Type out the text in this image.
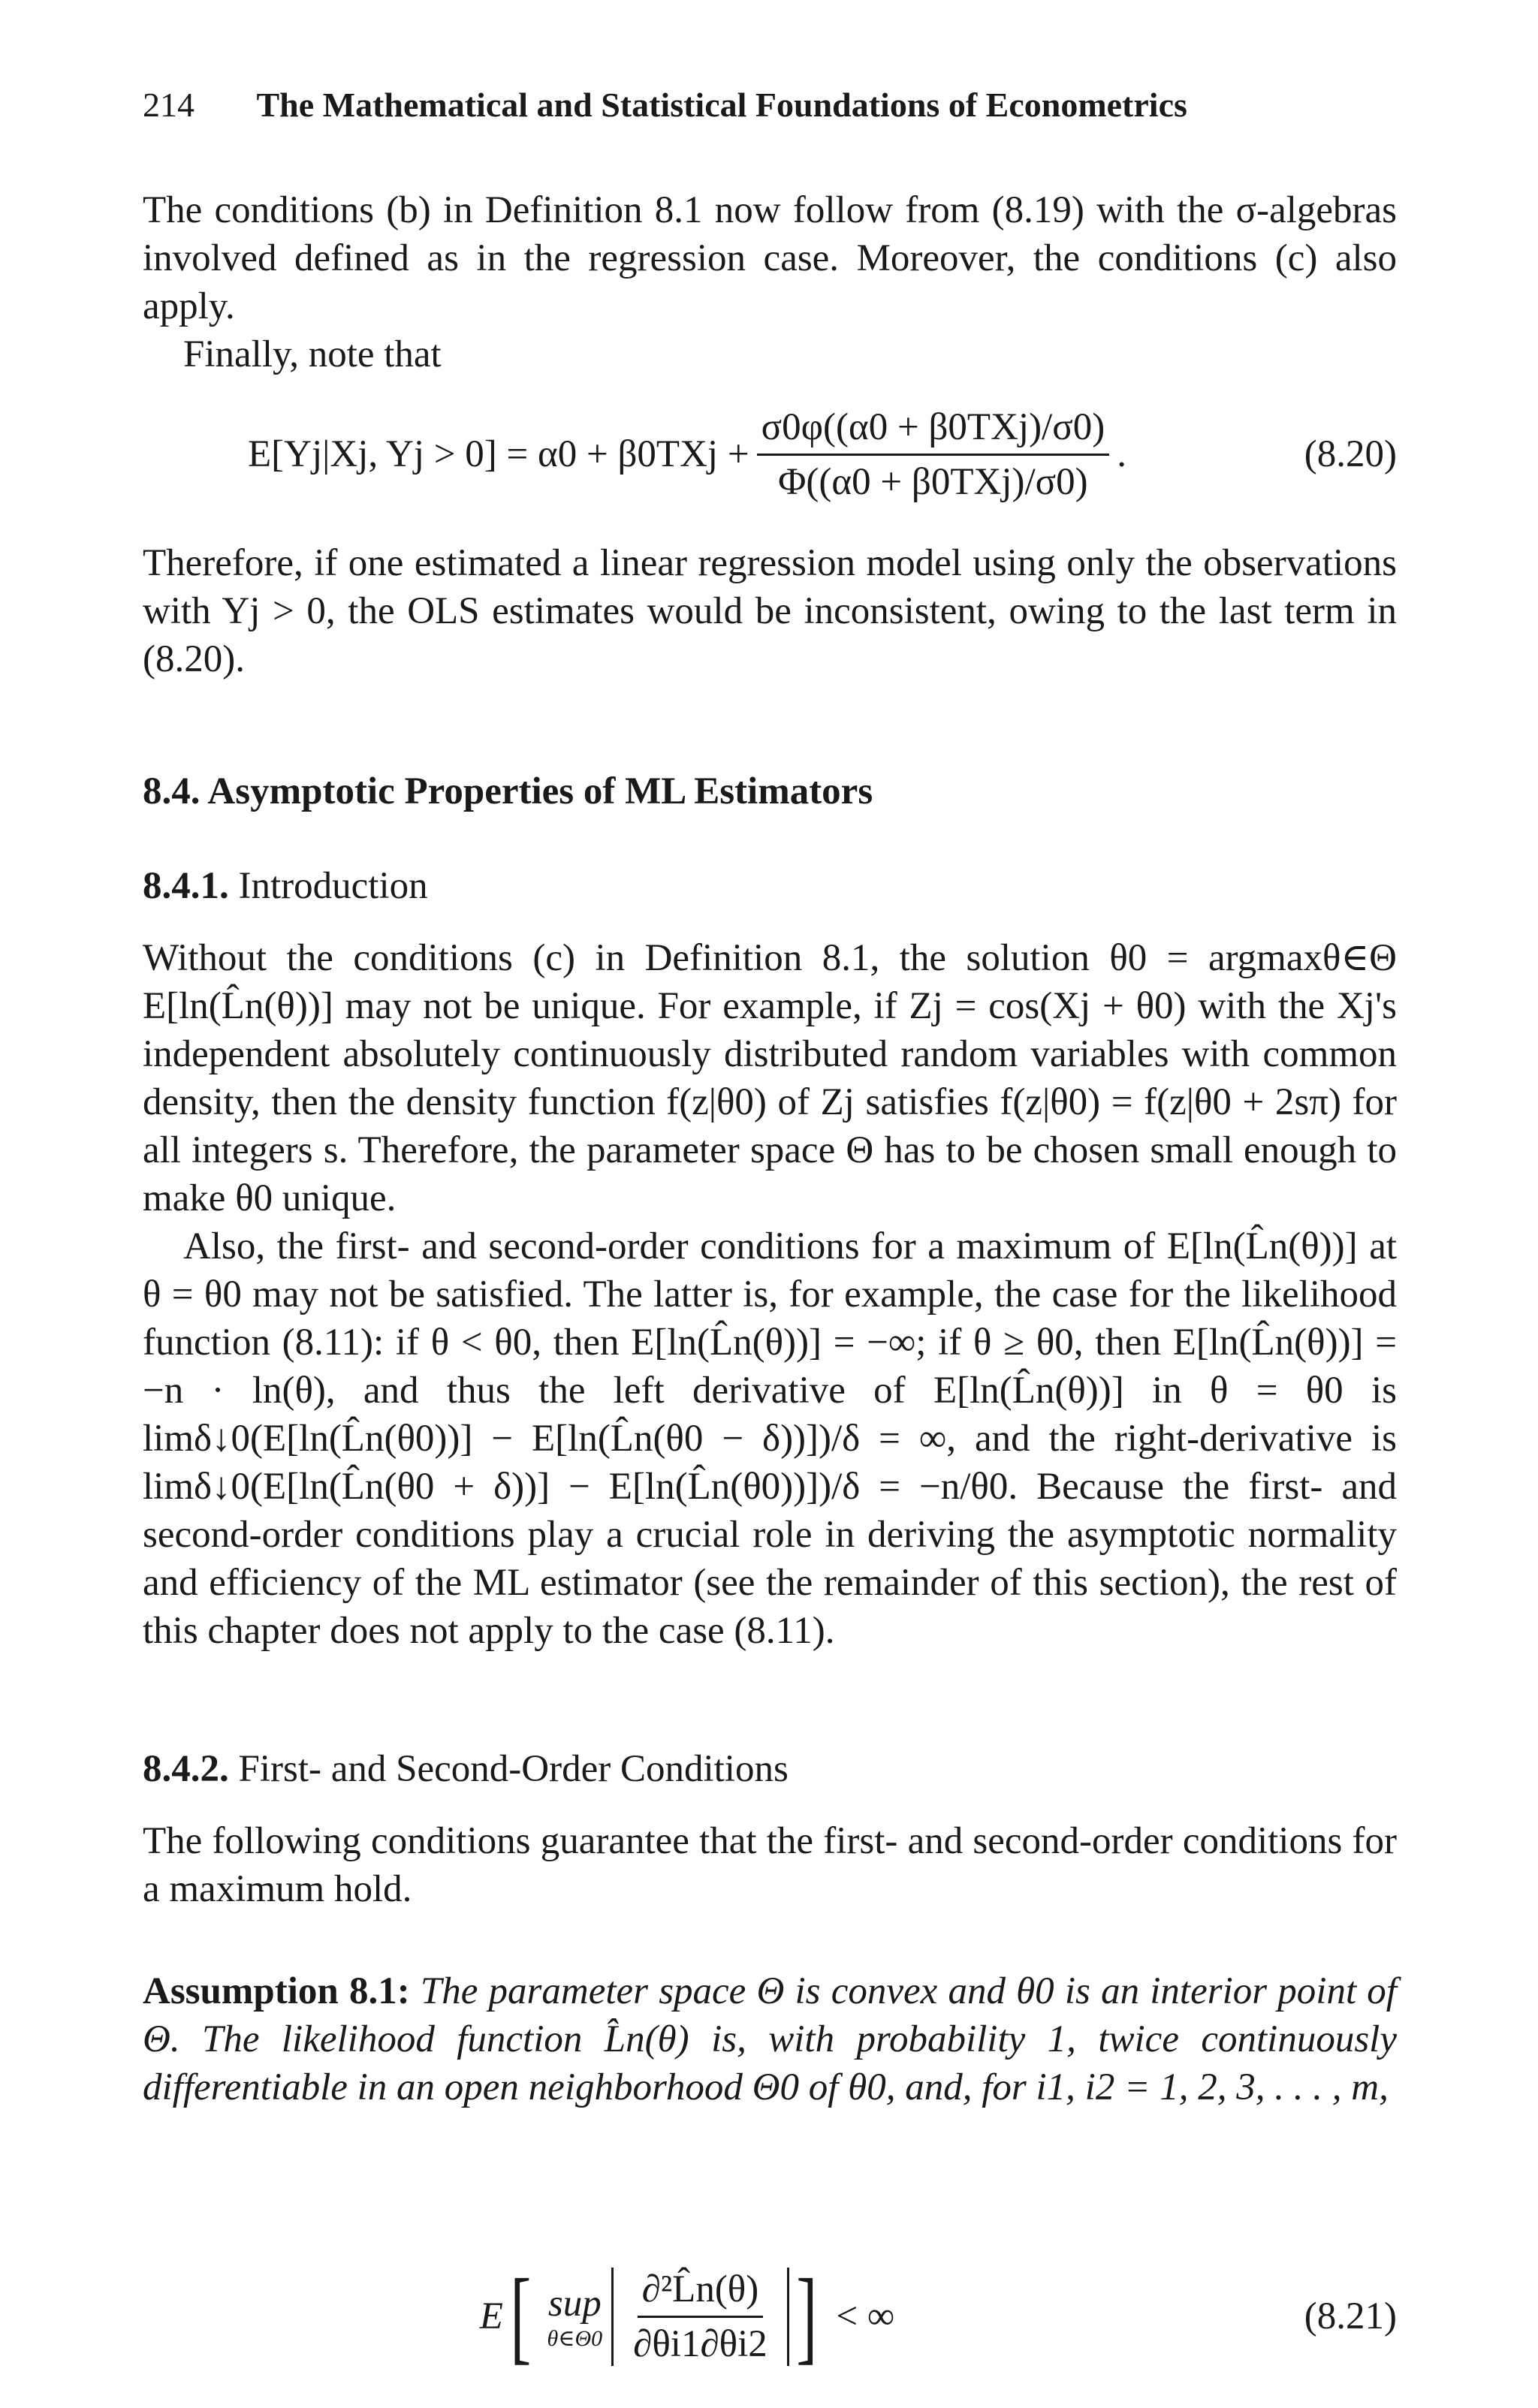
214 The Mathematical and Statistical Foundations of Econometrics

The conditions (b) in Definition 8.1 now follow from (8.19) with the σ-algebras involved defined as in the regression case. Moreover, the conditions (c) also apply.

Finally, note that

E[Yj|Xj, $Yj > 0] = \alpha 0 + \beta 0TXj + \frac{\text{σ0φ((α0 + β0TXj)/σ0)}}{\text{Φ((α0 + β0TXj)/σ0)}}$ .	(8.20)

Therefore, if one estimated a linear regression model using only the observations with Yj > 0, the OLS estimates would be inconsistent, owing to the last term in (8.20).

8.4. Asymptotic Properties of ML Estimators
8.4.1. Introduction

Without the conditions (c) in Definition 8.1, the solution θ0 = argmaxθ∈Θ E[ln(L̂n(θ))] may not be unique. For example, if Zj = cos(Xj + θ0) with the Xj's independent absolutely continuously distributed random variables with common density, then the density function f(z|θ0) of Zj satisfies f(z|θ0) = f(z|θ0 + 2sπ) for all integers s. Therefore, the parameter space Θ has to be chosen small enough to make θ0 unique.

Also, the first- and second-order conditions for a maximum of E[ln(L̂n(θ))] at θ = θ0 may not be satisfied. The latter is, for example, the case for the likelihood function (8.11): if θ < θ0, then E[ln(L̂n(θ))] = −∞; if θ ≥ θ0, then E[ln(L̂n(θ))] = −n · ln(θ), and thus the left derivative of E[ln(L̂n(θ))] in θ = θ0 is limδ↓0(E[ln(L̂n(θ0))] − E[ln(L̂n(θ0 − δ))])/δ = ∞, and the right-derivative is limδ↓0(E[ln(L̂n(θ0 + δ))] − E[ln(L̂n(θ0))])/δ = −n/θ0. Because the first- and second-order conditions play a crucial role in deriving the asymptotic normality and efficiency of the ML estimator (see the remainder of this section), the rest of this chapter does not apply to the case (8.11).

8.4.2. First- and Second-Order Conditions

The following conditions guarantee that the first- and second-order conditions for a maximum hold.

Assumption 8.1: The parameter space Θ is convex and θ0 is an interior point of Θ. The likelihood function L̂n(θ) is, with probability 1, twice continuously differentiable in an open neighborhood Θ0 of θ0, and, for i1, i2 = 1, 2, 3, . . . , m,
E [ sup
θ∈Θ0 $\frac{\text{∂²L̂n(θ)}}{\partial\theta i1\partial\theta i2}$ ] < ∞	(8.21)
